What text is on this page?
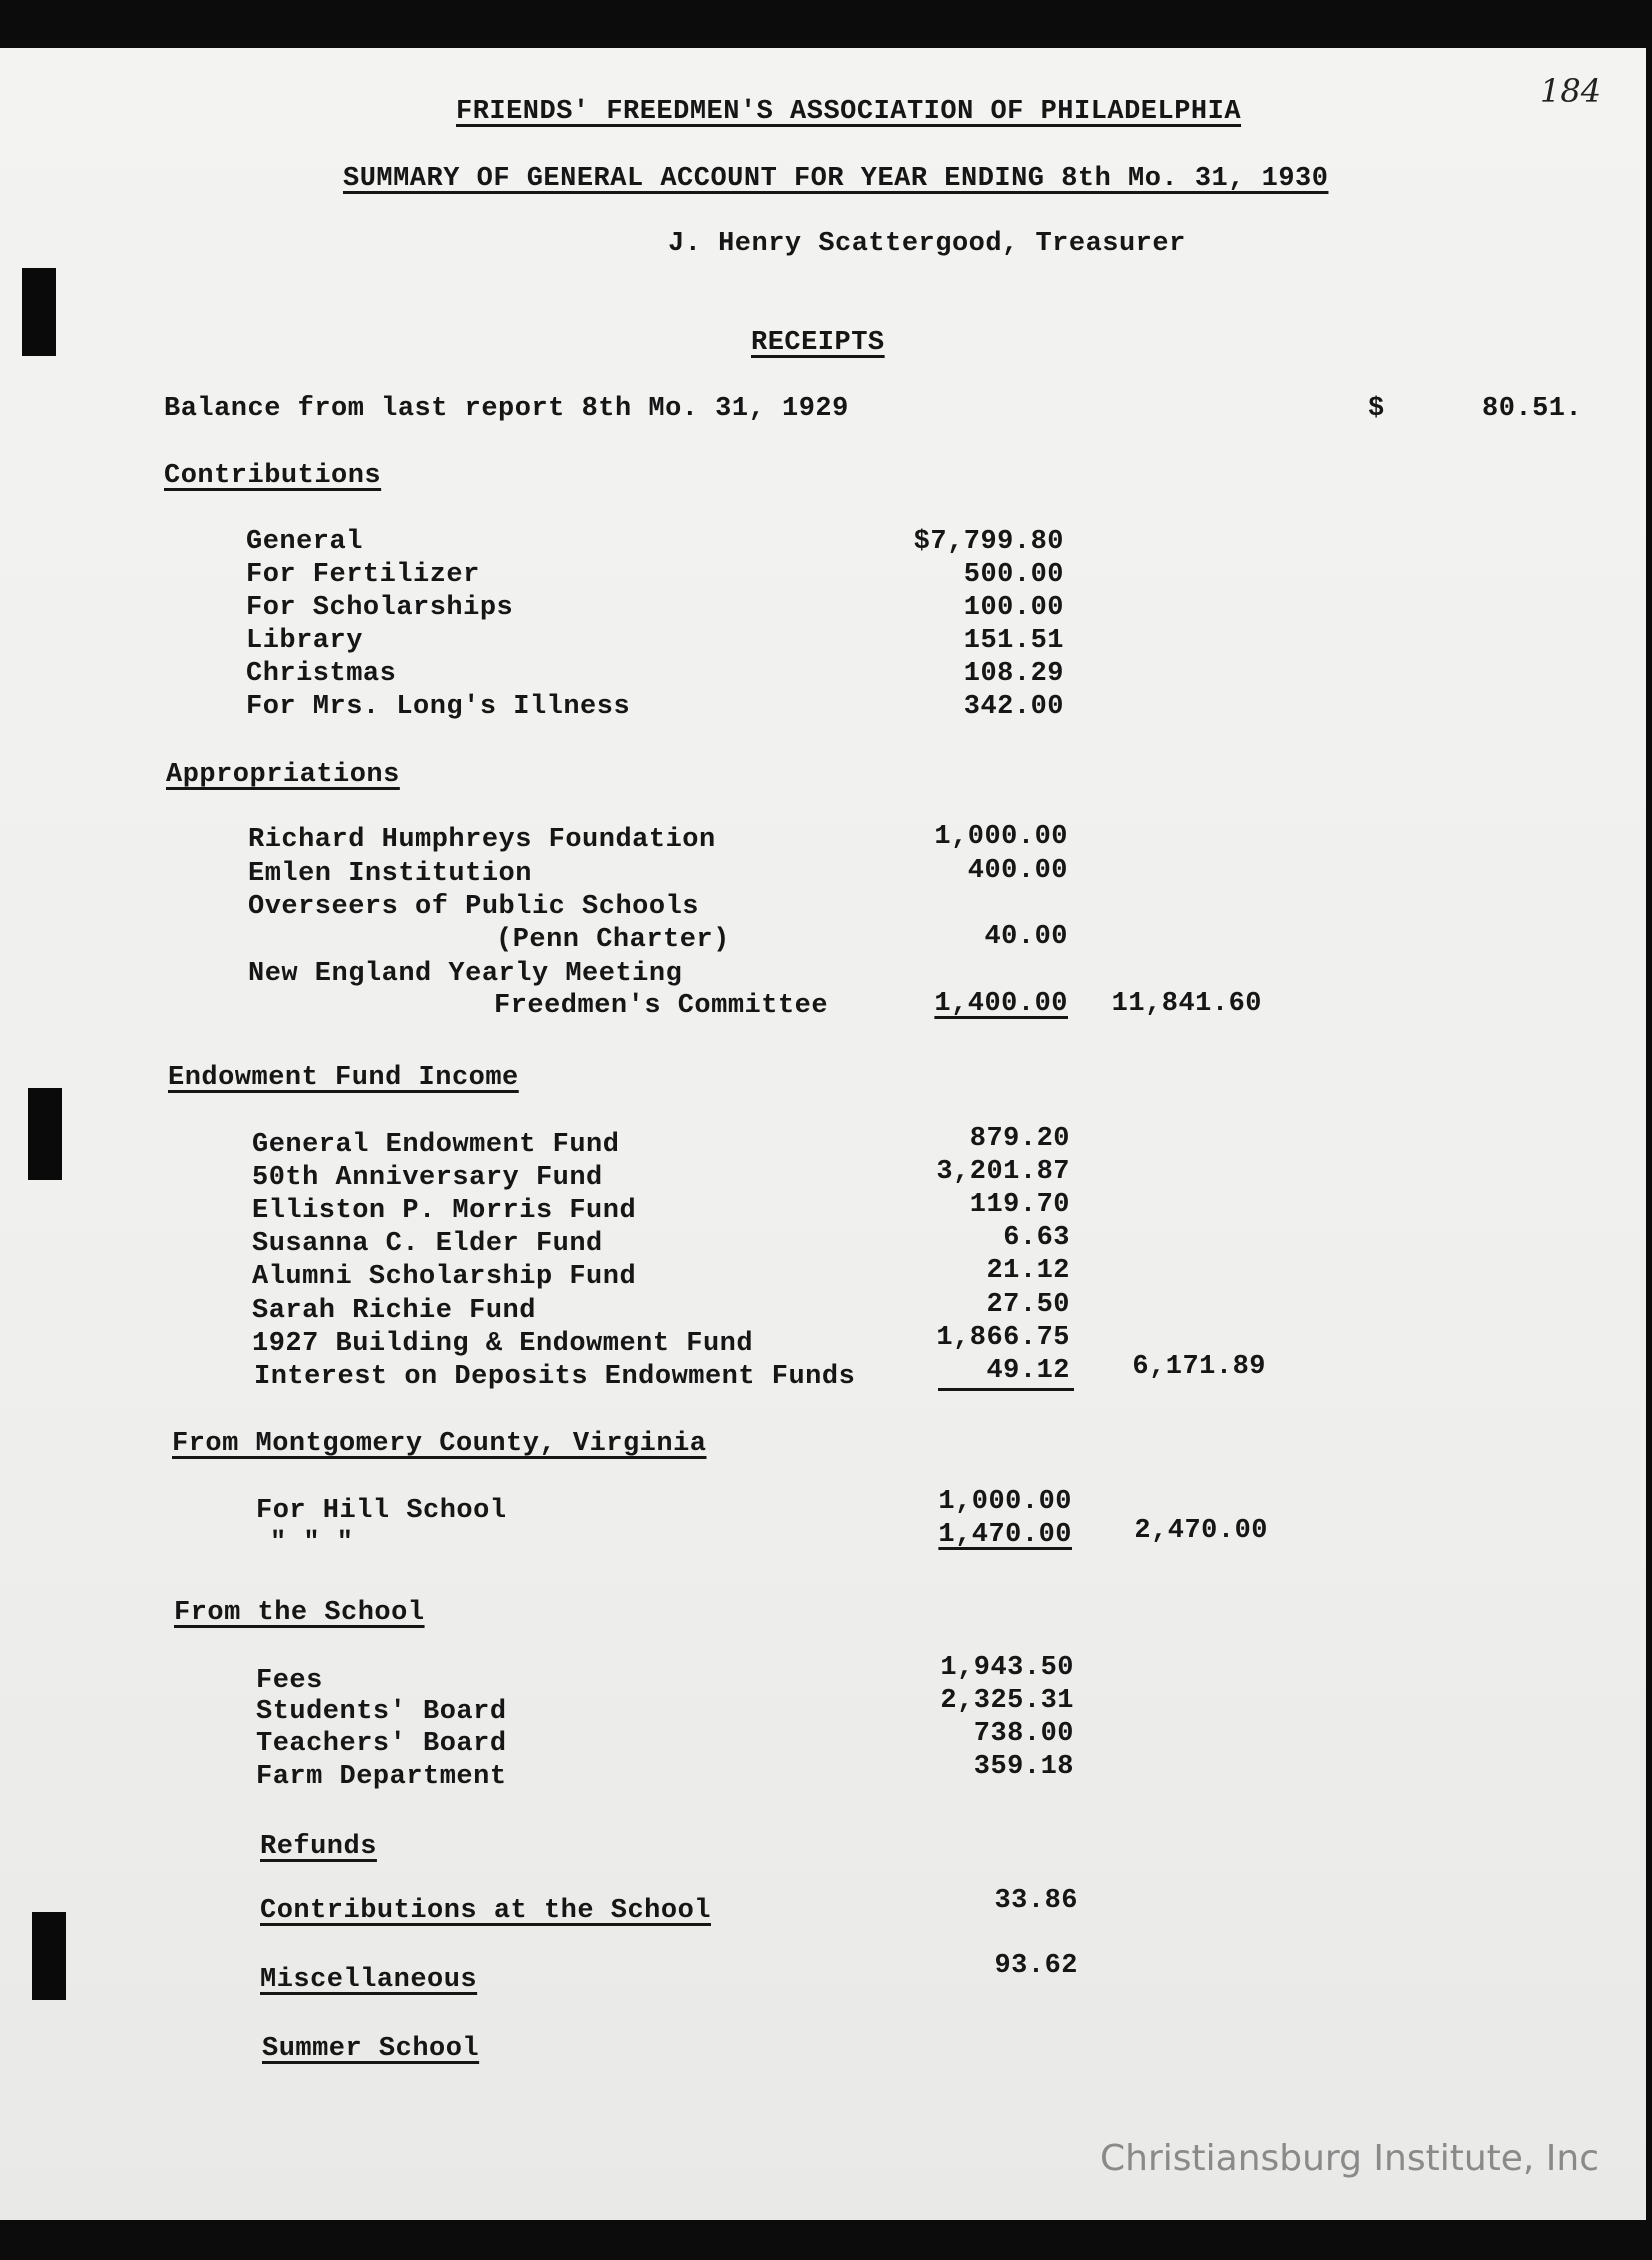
184
FRIENDS' FREEDMEN'S ASSOCIATION OF PHILADELPHIA
SUMMARY OF GENERAL ACCOUNT FOR YEAR ENDING 8th Mo. 31, 1930
J. Henry Scattergood, Treasurer
RECEIPTS
Balance from last report 8th Mo. 31, 1929	$	80.51.
Contributions
General	$7,799.80
For Fertilizer	500.00
For Scholarships	100.00
Library	151.51
Christmas	108.29
For Mrs. Long's Illness	342.00
Appropriations
Richard Humphreys Foundation	1,000.00
Emlen Institution	400.00
Overseers of Public Schools
(Penn Charter)	40.00
New England Yearly Meeting
Freedmen's Committee	1,400.00	11,841.60
Endowment Fund Income
General Endowment Fund	879.20
50th Anniversary Fund	3,201.87
Elliston P. Morris Fund	119.70
Susanna C. Elder Fund	6.63
Alumni Scholarship Fund	21.12
Sarah Richie Fund	27.50
1927 Building & Endowment Fund	1,866.75
Interest on Deposits Endowment Funds	49.12	6,171.89
From Montgomery County, Virginia
For Hill School	1,000.00
" " "	1,470.00	2,470.00
From the School
Fees	1,943.50
Students' Board	2,325.31
Teachers' Board	738.00
Farm Department	359.18
Refunds
Contributions at the School	33.86
Miscellaneous	93.62
Summer School
Christiansburg Institute, Inc
